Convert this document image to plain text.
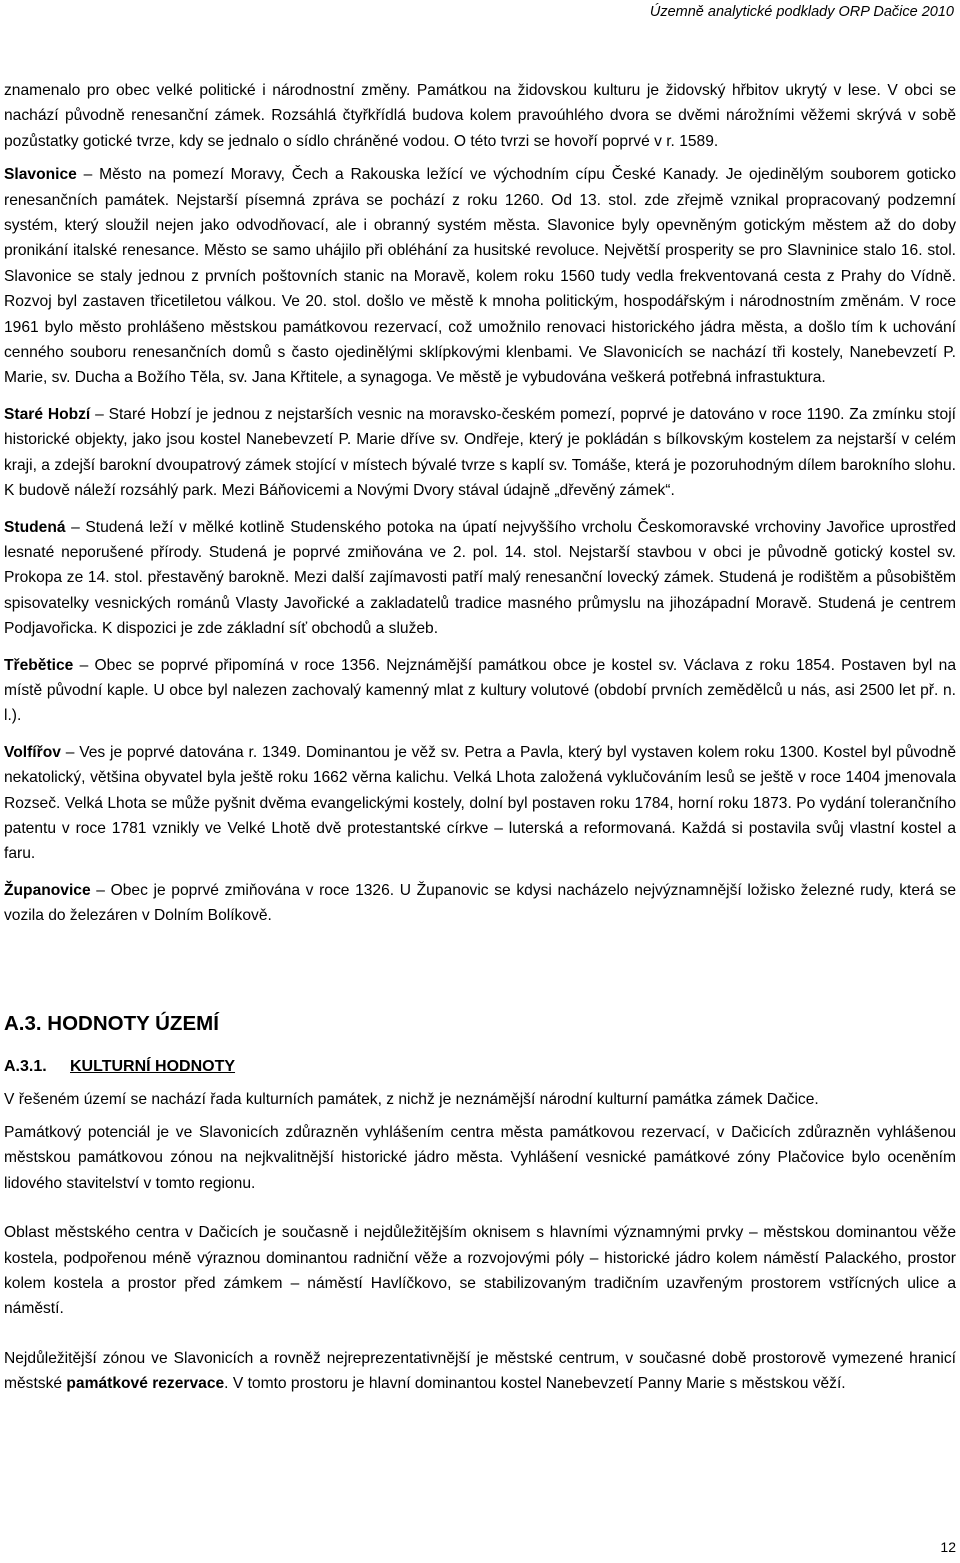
Územně analytické podklady ORP Dačice 2010

znamenalo pro obec velké politické i národnostní změny. Památkou na židovskou kulturu je židovský hřbitov ukrytý v lese. V obci se nachází původně renesanční zámek. Rozsáhlá čtyřkřídlá budova kolem pravoúhlého dvora se dvěmi nárožními věžemi skrývá v sobě pozůstatky gotické tvrze, kdy se jednalo o sídlo chráněné vodou. O této tvrzi se hovoří poprvé v r. 1589.

Slavonice – Město na pomezí Moravy, Čech a Rakouska ležící ve východním cípu České Kanady. Je ojedinělým souborem goticko renesančních památek. Nejstarší písemná zpráva se pochází z roku 1260. Od 13. stol. zde zřejmě vznikal propracovaný podzemní systém, který sloužil nejen jako odvodňovací, ale i obranný systém města. Slavonice byly opevněným gotickým městem až do doby pronikání italské renesance. Město se samo uhájilo při obléhání za husitské revoluce. Největší prosperity se pro Slavninice stalo 16. stol. Slavonice se staly jednou z prvních poštovních stanic na Moravě, kolem roku 1560 tudy vedla frekventovaná cesta z Prahy do Vídně. Rozvoj byl zastaven třicetiletou válkou. Ve 20. stol. došlo ve městě k mnoha politickým, hospodářským i národnostním změnám. V roce 1961 bylo město prohlášeno městskou památkovou rezervací, což umožnilo renovaci historického jádra města, a došlo tím k uchování cenného souboru renesančních domů s často ojedinělými sklípkovými klenbami. Ve Slavonicích se nachází tři kostely, Nanebevzetí P. Marie, sv. Ducha a Božího Těla, sv. Jana Křtitele, a synagoga. Ve městě je vybudována veškerá potřebná infrastuktura.

Staré Hobzí – Staré Hobzí je jednou z nejstarších vesnic na moravsko-českém pomezí, poprvé je datováno v roce 1190. Za zmínku stojí historické objekty, jako jsou kostel Nanebevzetí P. Marie dříve sv. Ondřeje, který je pokládán s bílkovským kostelem za nejstarší v celém kraji, a zdejší barokní dvoupatrový zámek stojící v místech bývalé tvrze s kaplí sv. Tomáše, která je pozoruhodným dílem barokního slohu. K budově náleží rozsáhlý park. Mezi Báňovicemi a Novými Dvory stával údajně „dřevěný zámek“.

Studená – Studená leží v mělké kotlině Studenského potoka na úpatí nejvyššího vrcholu Českomoravské vrchoviny Javořice uprostřed lesnaté neporušené přírody. Studená je poprvé zmiňována ve 2. pol. 14. stol. Nejstarší stavbou v obci je původně gotický kostel sv. Prokopa ze 14. stol. přestavěný barokně. Mezi další zajímavosti patří malý renesanční lovecký zámek. Studená je rodištěm a působištěm spisovatelky vesnických románů Vlasty Javořické a zakladatelů tradice masného průmyslu na jihozápadní Moravě. Studená je centrem Podjavořicka. K dispozici je zde základní síť obchodů a služeb.

Třebětice – Obec se poprvé připomíná v roce 1356. Nejznámější památkou obce je kostel sv. Václava z roku 1854. Postaven byl na místě původní kaple. U obce byl nalezen zachovalý kamenný mlat z kultury volutové (období prvních zemědělců u nás, asi 2500 let př. n. l.).

Volfířov – Ves je poprvé datována r. 1349. Dominantou je věž sv. Petra a Pavla, který byl vystaven kolem roku 1300. Kostel byl původně nekatolický, většina obyvatel byla ještě roku 1662 věrna kalichu. Velká Lhota založená vyklučováním lesů se ještě v roce 1404 jmenovala Rozseč. Velká Lhota se může pyšnit dvěma evangelickými kostely, dolní byl postaven roku 1784, horní roku 1873. Po vydání tolerančního patentu v roce 1781 vznikly ve Velké Lhotě dvě protestantské církve – luterská a reformovaná. Každá si postavila svůj vlastní kostel a faru.

Županovice – Obec je poprvé zmiňována v roce 1326. U Županovic se kdysi nacházelo nejvýznamnější ložisko železné rudy, která se vozila do železáren v Dolním Bolíkově.

A.3. HODNOTY ÚZEMÍ
A.3.1. KULTURNÍ HODNOTY

V řešeném území se nachází řada kulturních památek, z nichž je neznámější národní kulturní památka zámek Dačice.

Památkový potenciál je ve Slavonicích zdůrazněn vyhlášením centra města památkovou rezervací, v Dačicích zdůrazněn vyhlášenou městskou památkovou zónou na nejkvalitnější historické jádro města. Vyhlášení vesnické památkové zóny Plačovice bylo oceněním lidového stavitelství v tomto regionu.

Oblast městského centra v Dačicích je současně i nejdůležitějším oknisem s hlavními významnými prvky – městskou dominantou věže kostela, podpořenou méně výraznou dominantou radniční věže a rozvojovými póly – historické jádro kolem náměstí Palackého, prostor kolem kostela a prostor před zámkem – náměstí Havlíčkovo, se stabilizovaným tradičním uzavřeným prostorem vstřícných ulice a náměstí.

Nejdůležitější zónou ve Slavonicích a rovněž nejreprezentativnější je městské centrum, v současné době prostorově vymezené hranicí městské památkové rezervace. V tomto prostoru je hlavní dominantou kostel Nanebevzetí Panny Marie s městskou věží.

12
